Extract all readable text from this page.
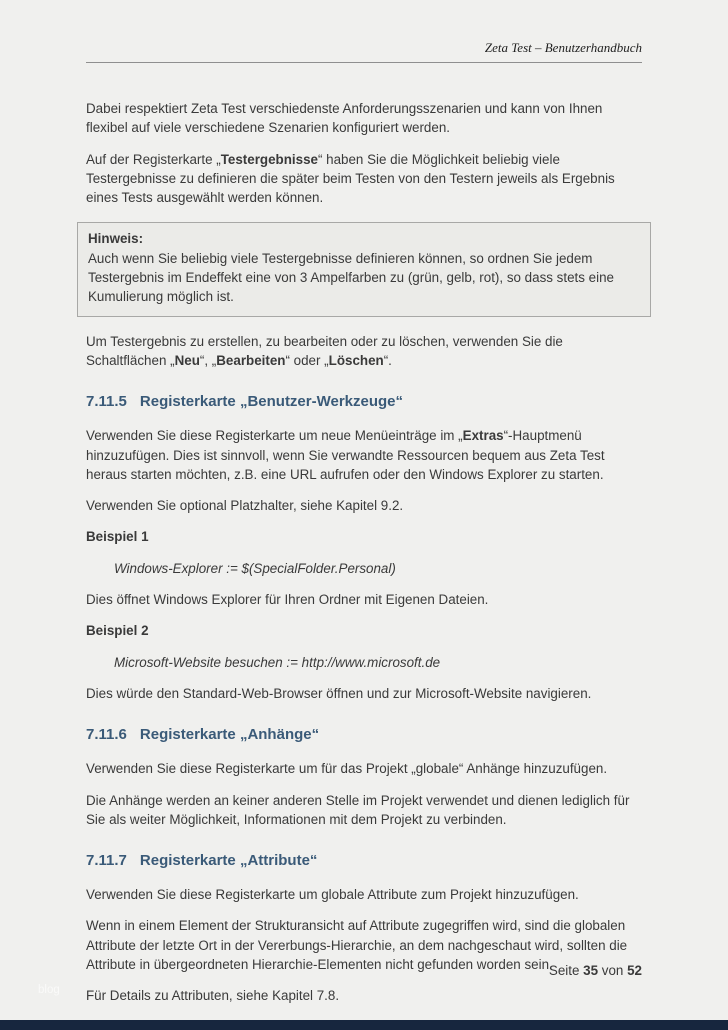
Zeta Test – Benutzerhandbuch

Dabei respektiert Zeta Test verschiedenste Anforderungsszenarien und kann von Ihnen flexibel auf viele verschiedene Szenarien konfiguriert werden.

Auf der Registerkarte „Testergebnisse“ haben Sie die Möglichkeit beliebig viele Testergebnisse zu definieren die später beim Testen von den Testern jeweils als Ergebnis eines Tests ausgewählt werden können.

Hinweis:
Auch wenn Sie beliebig viele Testergebnisse definieren können, so ordnen Sie jedem Testergebnis im Endeffekt eine von 3 Ampelfarben zu (grün, gelb, rot), so dass stets eine Kumulierung möglich ist.

Um Testergebnis zu erstellen, zu bearbeiten oder zu löschen, verwenden Sie die Schaltflächen „Neu“, „Bearbeiten“ oder „Löschen“.

7.11.5 Registerkarte „Benutzer-Werkzeuge“

Verwenden Sie diese Registerkarte um neue Menüeinträge im „Extras“-Hauptmenü hinzuzufügen. Dies ist sinnvoll, wenn Sie verwandte Ressourcen bequem aus Zeta Test heraus starten möchten, z.B. eine URL aufrufen oder den Windows Explorer zu starten.

Verwenden Sie optional Platzhalter, siehe Kapitel 9.2.

Beispiel 1

Windows-Explorer := $(SpecialFolder.Personal)

Dies öffnet Windows Explorer für Ihren Ordner mit Eigenen Dateien.

Beispiel 2

Microsoft-Website besuchen := http://www.microsoft.de

Dies würde den Standard-Web-Browser öffnen und zur Microsoft-Website navigieren.

7.11.6 Registerkarte „Anhänge“

Verwenden Sie diese Registerkarte um für das Projekt „globale“ Anhänge hinzuzufügen.

Die Anhänge werden an keiner anderen Stelle im Projekt verwendet und dienen lediglich für Sie als weiter Möglichkeit, Informationen mit dem Projekt zu verbinden.

7.11.7 Registerkarte „Attribute“

Verwenden Sie diese Registerkarte um globale Attribute zum Projekt hinzuzufügen.

Wenn in einem Element der Strukturansicht auf Attribute zugegriffen wird, sind die globalen Attribute der letzte Ort in der Vererbungs-Hierarchie, an dem nachgeschaut wird, sollten die Attribute in übergeordneten Hierarchie-Elementen nicht gefunden worden sein.

Für Details zu Attributen, siehe Kapitel 7.8.

Seite 35 von 52
blog
